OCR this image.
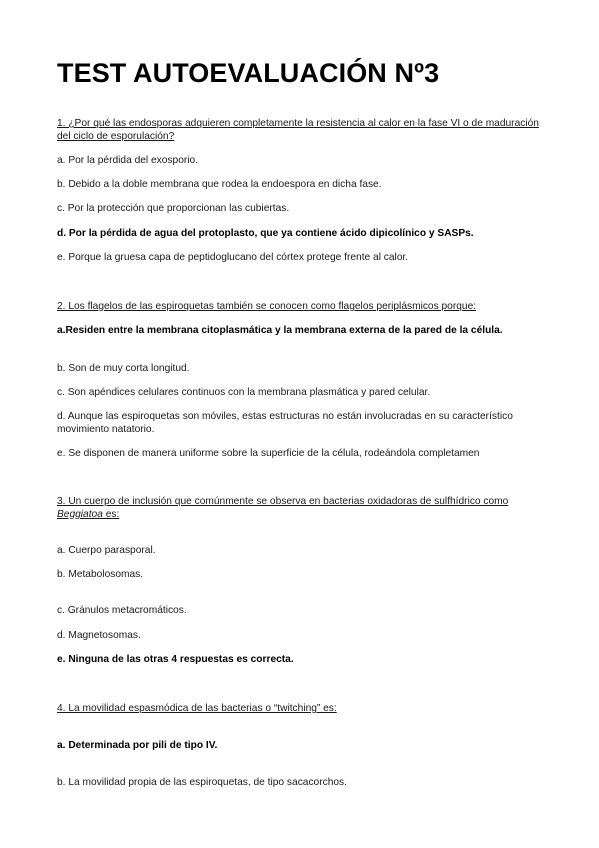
TEST AUTOEVALUACIÓN Nº3

1. ¿Por qué las endosporas adquieren completamente la resistencia al calor en la fase VI o de maduración del ciclo de esporulación?

a. Por la pérdida del exosporio.

b. Debido a la doble membrana que rodea la endoespora en dicha fase.

c. Por la protección que proporcionan las cubiertas.

d. Por la pérdida de agua del protoplasto, que ya contiene ácido dipicolínico y SASPs.

e. Porque la gruesa capa de peptidoglucano del córtex protege frente al calor.

2. Los flagelos de las espiroquetas también se conocen como flagelos periplásmicos porque:

a.Residen entre la membrana citoplasmática y la membrana externa de la pared de la célula.

b. Son de muy corta longitud.

c. Son apéndices celulares continuos con la membrana plasmática y pared celular.

d. Aunque las espiroquetas son móviles, estas estructuras no están involucradas en su característico movimiento natatorio.

e. Se disponen de manera uniforme sobre la superficie de la célula, rodeándola completamen

3. Un cuerpo de inclusión que comúnmente se observa en bacterias oxidadoras de sulfhídrico como Beggiatoa es:

a. Cuerpo parasporal.

b. Metabolosomas.

c. Gránulos metacromáticos.

d. Magnetosomas.

e. Ninguna de las otras 4 respuestas es correcta.

4. La movilidad espasmódica de las bacterias o “twitching” es:

a. Determinada por pili de tipo IV.

b. La movilidad propia de las espiroquetas, de tipo sacacorchos.
